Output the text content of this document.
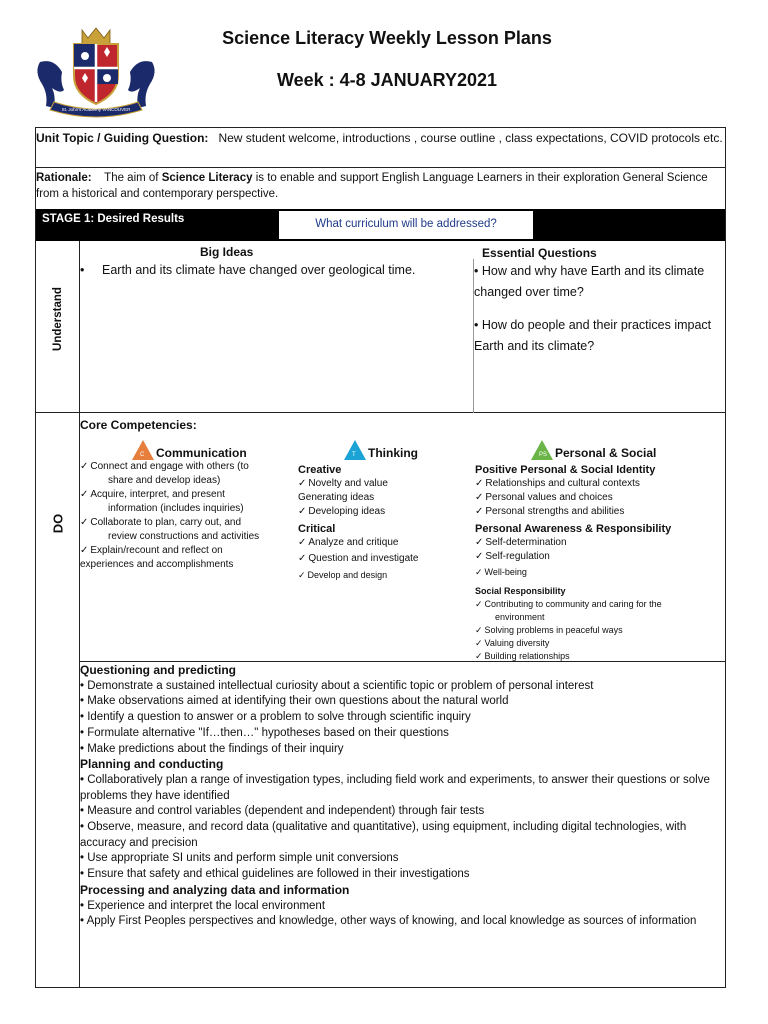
St. John's Academy VANCOUVER
Science Literacy Weekly Lesson Plans
Week : 4-8 JANUARY2021
Unit Topic / Guiding Question: New student welcome, introductions , course outline , class expectations, COVID protocols etc.
Rationale: The aim of Science Literacy is to enable and support English Language Learners in their exploration General Science from a historical and contemporary perspective.
STAGE 1: Desired Results	What curriculum will be addressed?
Understand
Big Ideas	Essential Questions
• Earth and its climate have changed over geological time.	• How and why have Earth and its climate changed over time?
• How do people and their practices impact Earth and its climate?
Core Competencies:
C Communication
✓ Connect and engage with others (to
share and develop ideas)
✓ Acquire, interpret, and present
information (includes inquiries)
✓ Collaborate to plan, carry out, and
review constructions and activities
✓ Explain/recount and reflect on
experiences and accomplishments
T Thinking
Creative
✓ Novelty and value
Generating ideas
✓ Developing ideas
Critical
✓ Analyze and critique
✓ Question and investigate
✓ Develop and design
PS Personal & Social
Positive Personal & Social Identity
✓ Relationships and cultural contexts
✓ Personal values and choices
✓ Personal strengths and abilities
Personal Awareness & Responsibility
✓ Self-determination
✓ Self-regulation
✓ Well-being
Social Responsibility
✓ Contributing to community and caring for the
environment
✓ Solving problems in peaceful ways
✓ Valuing diversity
✓ Building relationships
DO
Questioning and predicting
• Demonstrate a sustained intellectual curiosity about a scientific topic or problem of personal interest
• Make observations aimed at identifying their own questions about the natural world
• Identify a question to answer or a problem to solve through scientific inquiry
• Formulate alternative "If…then…" hypotheses based on their questions
• Make predictions about the findings of their inquiry
Planning and conducting
• Collaboratively plan a range of investigation types, including field work and experiments, to answer their questions or solve problems they have identified
• Measure and control variables (dependent and independent) through fair tests
• Observe, measure, and record data (qualitative and quantitative), using equipment, including digital technologies, with accuracy and precision
• Use appropriate SI units and perform simple unit conversions
• Ensure that safety and ethical guidelines are followed in their investigations
Processing and analyzing data and information
• Experience and interpret the local environment
• Apply First Peoples perspectives and knowledge, other ways of knowing, and local knowledge as sources of information
